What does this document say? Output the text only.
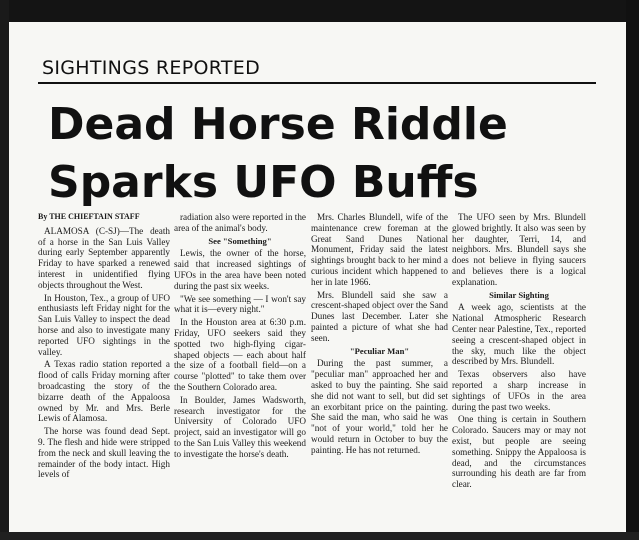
SIGHTINGS REPORTED
Dead Horse Riddle
Sparks UFO Buffs

By THE CHIEFTAIN STAFF

ALAMOSA (C-SJ)—The death of a horse in the San Luis Valley during early September apparently Friday to have sparked a renewed interest in unidentified flying objects throughout the West.

In Houston, Tex., a group of UFO enthusiasts left Friday night for the San Luis Valley to inspect the dead horse and also to investigate many reported UFO sightings in the valley.

A Texas radio station reported a flood of calls Friday morning after broadcasting the story of the bizarre death of the Appaloosa owned by Mr. and Mrs. Berle Lewis of Alamosa.

The horse was found dead Sept. 9. The flesh and hide were stripped from the neck and skull leaving the remainder of the body intact. High levels of

radiation also were reported in the area of the animal's body.

See "Something"

Lewis, the owner of the horse, said that increased sightings of UFOs in the area have been noted during the past six weeks.

"We see something — I won't say what it is—every night."

In the Houston area at 6:30 p.m. Friday, UFO seekers said they spotted two high-flying cigar-shaped objects — each about half the size of a football field—on a course "plotted" to take them over the Southern Colorado area.

In Boulder, James Wadsworth, research investigator for the University of Colorado UFO project, said an investigator will go to the San Luis Valley this weekend to investigate the horse's death.

Mrs. Charles Blundell, wife of the maintenance crew foreman at the Great Sand Dunes National Monument, Friday said the latest sightings brought back to her mind a curious incident which happened to her in late 1966.

Mrs. Blundell said she saw a crescent-shaped object over the Sand Dunes last December. Later she painted a picture of what she had seen.

"Peculiar Man"

During the past summer, a "peculiar man" approached her and asked to buy the painting. She said she did not want to sell, but did set an exorbitant price on the painting. She said the man, who said he was "not of your world," told her he would return in October to buy the painting. He has not returned.

The UFO seen by Mrs. Blundell glowed brightly. It also was seen by her daughter, Terri, 14, and neighbors. Mrs. Blundell says she does not believe in flying saucers and believes there is a logical explanation.

Similar Sighting

A week ago, scientists at the National Atmospheric Research Center near Palestine, Tex., reported seeing a crescent-shaped object in the sky, much like the object described by Mrs. Blundell.

Texas observers also have reported a sharp increase in sightings of UFOs in the area during the past two weeks.

One thing is certain in Southern Colorado. Saucers may or may not exist, but people are seeing something. Snippy the Appaloosa is dead, and the circumstances surrounding his death are far from clear.
